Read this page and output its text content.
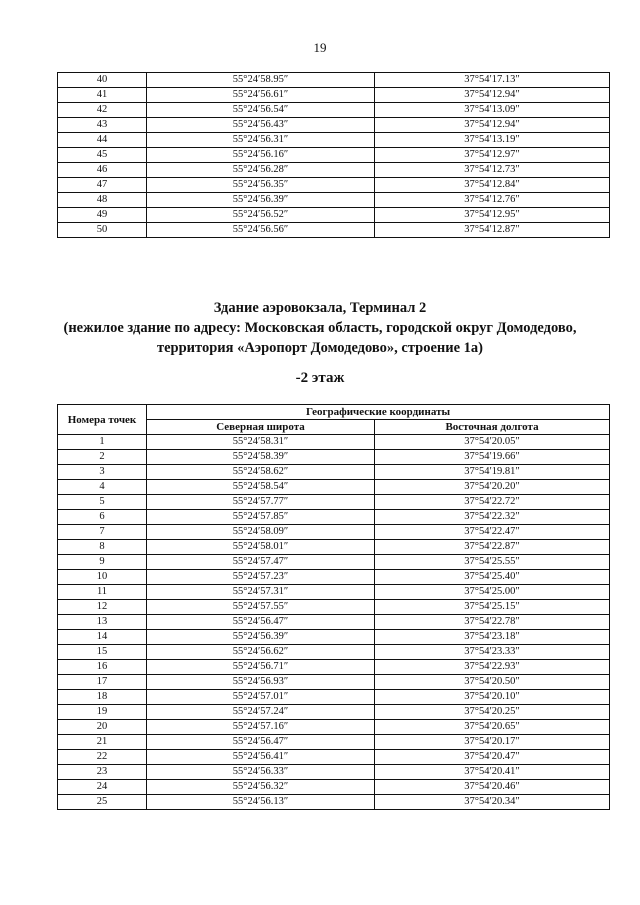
19
40	55°24′58.95″	37°54′17.13″
41	55°24′56.61″	37°54′12.94″
42	55°24′56.54″	37°54′13.09″
43	55°24′56.43″	37°54′12.94″
44	55°24′56.31″	37°54′13.19″
45	55°24′56.16″	37°54′12.97″
46	55°24′56.28″	37°54′12.73″
47	55°24′56.35″	37°54′12.84″
48	55°24′56.39″	37°54′12.76″
49	55°24′56.52″	37°54′12.95″
50	55°24′56.56″	37°54′12.87″
Здание аэровокзала, Терминал 2
(нежилое здание по адресу: Московская область, городской округ Домодедово,
территория «Аэропорт Домодедово», строение 1а)
-2 этаж
Номера точек	Географические координаты	
	Северная широта	Восточная долгота
1	55°24′58.31″	37°54′20.05″
2	55°24′58.39″	37°54′19.66″
3	55°24′58.62″	37°54′19.81″
4	55°24′58.54″	37°54′20.20″
5	55°24′57.77″	37°54′22.72″
6	55°24′57.85″	37°54′22.32″
7	55°24′58.09″	37°54′22.47″
8	55°24′58.01″	37°54′22.87″
9	55°24′57.47″	37°54′25.55″
10	55°24′57.23″	37°54′25.40″
11	55°24′57.31″	37°54′25.00″
12	55°24′57.55″	37°54′25.15″
13	55°24′56.47″	37°54′22.78″
14	55°24′56.39″	37°54′23.18″
15	55°24′56.62″	37°54′23.33″
16	55°24′56.71″	37°54′22.93″
17	55°24′56.93″	37°54′20.50″
18	55°24′57.01″	37°54′20.10″
19	55°24′57.24″	37°54′20.25″
20	55°24′57.16″	37°54′20.65″
21	55°24′56.47″	37°54′20.17″
22	55°24′56.41″	37°54′20.47″
23	55°24′56.33″	37°54′20.41″
24	55°24′56.32″	37°54′20.46″
25	55°24′56.13″	37°54′20.34″
